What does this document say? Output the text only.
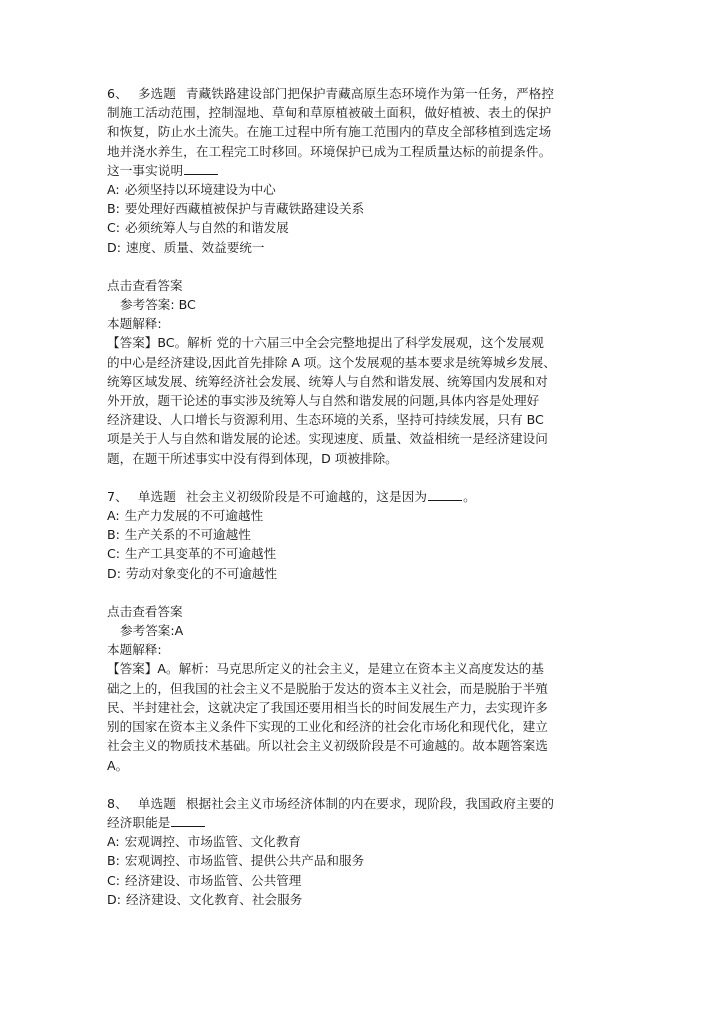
6、 多选题 青藏铁路建设部门把保护青藏高原生态环境作为第一任务，严格控
制施工活动范围，控制湿地、草甸和草原植被破土面积，做好植被、表土的保护
和恢复，防止水土流失。在施工过程中所有施工范围内的草皮全部移植到选定场
地并浇水养生，在工程完工时移回。环境保护已成为工程质量达标的前提条件。
这一事实说明
A: 必须坚持以环境建设为中心
B: 要处理好西藏植被保护与青藏铁路建设关系
C: 必须统筹人与自然的和谐发展
D: 速度、质量、效益要统一
点击查看答案
参考答案: BC
本题解释:
【答案】BC。解析 党的十六届三中全会完整地提出了科学发展观，这个发展观
的中心是经济建设,因此首先排除 A 项。这个发展观的基本要求是统筹城乡发展、
统筹区域发展、统筹经济社会发展、统筹人与自然和谐发展、统筹国内发展和对
外开放，题干论述的事实涉及统筹人与自然和谐发展的问题,具体内容是处理好
经济建设、人口增长与资源利用、生态环境的关系，坚持可持续发展，只有 BC
项是关于人与自然和谐发展的论述。实现速度、质量、效益相统一是经济建设问
题，在题干所述事实中没有得到体现，D 项被排除。
7、 单选题 社会主义初级阶段是不可逾越的，这是因为	。
A: 生产力发展的不可逾越性
B: 生产关系的不可逾越性
C: 生产工具变革的不可逾越性
D: 劳动对象变化的不可逾越性
点击查看答案
参考答案:A
本题解释:
【答案】A。解析：马克思所定义的社会主义，是建立在资本主义高度发达的基
础之上的，但我国的社会主义不是脱胎于发达的资本主义社会，而是脱胎于半殖
民、半封建社会，这就决定了我国还要用相当长的时间发展生产力，去实现许多
别的国家在资本主义条件下实现的工业化和经济的社会化市场化和现代化，建立
社会主义的物质技术基础。所以社会主义初级阶段是不可逾越的。故本题答案选
A。
8、 单选题 根据社会主义市场经济体制的内在要求，现阶段，我国政府主要的
经济职能是
A: 宏观调控、市场监管、文化教育
B: 宏观调控、市场监管、提供公共产品和服务
C: 经济建设、市场监管、公共管理
D: 经济建设、文化教育、社会服务
